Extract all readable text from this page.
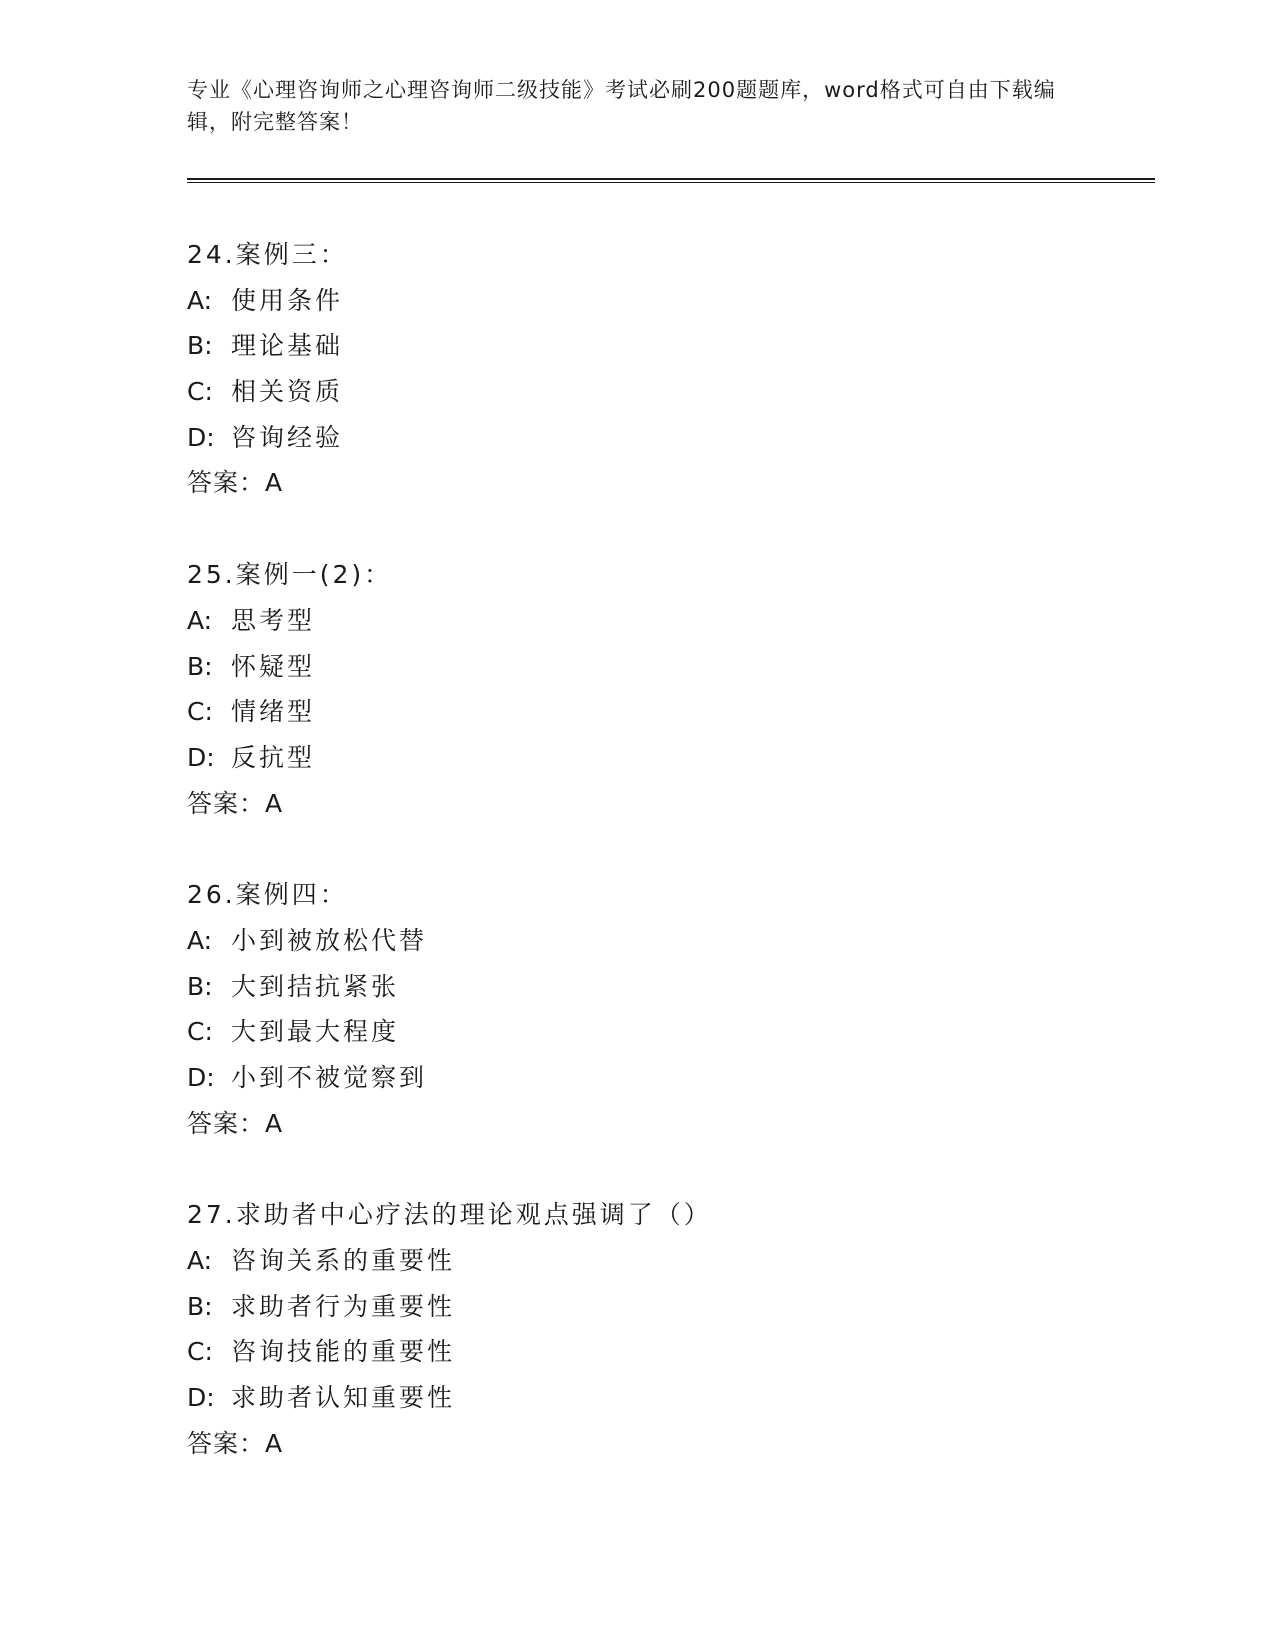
专业《心理咨询师之心理咨询师二级技能》考试必刷200题题库，word格式可自由下载编辑，附完整答案！

24.案例三：
A: 使用条件
B: 理论基础
C: 相关资质
D: 咨询经验
答案：A
25.案例一(2)：
A: 思考型
B: 怀疑型
C: 情绪型
D: 反抗型
答案：A
26.案例四：
A: 小到被放松代替
B: 大到拮抗紧张
C: 大到最大程度
D: 小到不被觉察到
答案：A
27.求助者中心疗法的理论观点强调了（）
A: 咨询关系的重要性
B: 求助者行为重要性
C: 咨询技能的重要性
D: 求助者认知重要性
答案：A
